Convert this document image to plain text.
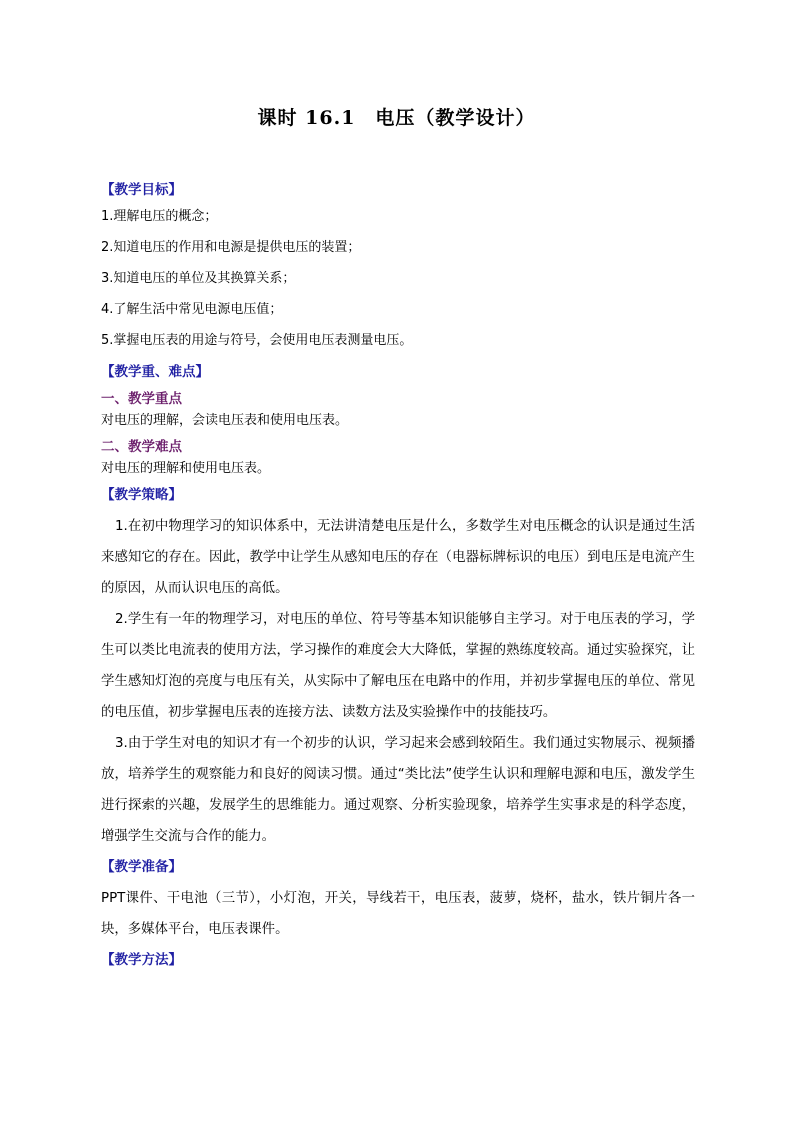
课时 16.1　电压（教学设计）
【教学目标】
1.理解电压的概念；
2.知道电压的作用和电源是提供电压的装置；
3.知道电压的单位及其换算关系；
4.了解生活中常见电源电压值；
5.掌握电压表的用途与符号，会使用电压表测量电压。
【教学重、难点】
一、教学重点
对电压的理解，会读电压表和使用电压表。
二、教学难点
对电压的理解和使用电压表。
【教学策略】
1.在初中物理学习的知识体系中，无法讲清楚电压是什么，多数学生对电压概念的认识是通过生活来感知它的存在。因此，教学中让学生从感知电压的存在（电器标牌标识的电压）到电压是电流产生的原因，从而认识电压的高低。
2.学生有一年的物理学习，对电压的单位、符号等基本知识能够自主学习。对于电压表的学习，学生可以类比电流表的使用方法，学习操作的难度会大大降低，掌握的熟练度较高。通过实验探究，让学生感知灯泡的亮度与电压有关，从实际中了解电压在电路中的作用，并初步掌握电压的单位、常见的电压值，初步掌握电压表的连接方法、读数方法及实验操作中的技能技巧。
3.由于学生对电的知识才有一个初步的认识，学习起来会感到较陌生。我们通过实物展示、视频播放，培养学生的观察能力和良好的阅读习惯。通过“类比法”使学生认识和理解电源和电压，激发学生进行探索的兴趣，发展学生的思维能力。通过观察、分析实验现象，培养学生实事求是的科学态度，增强学生交流与合作的能力。
【教学准备】
PPT课件、干电池（三节），小灯泡，开关，导线若干，电压表，菠萝，烧杯，盐水，铁片铜片各一块，多媒体平台，电压表课件。
【教学方法】
